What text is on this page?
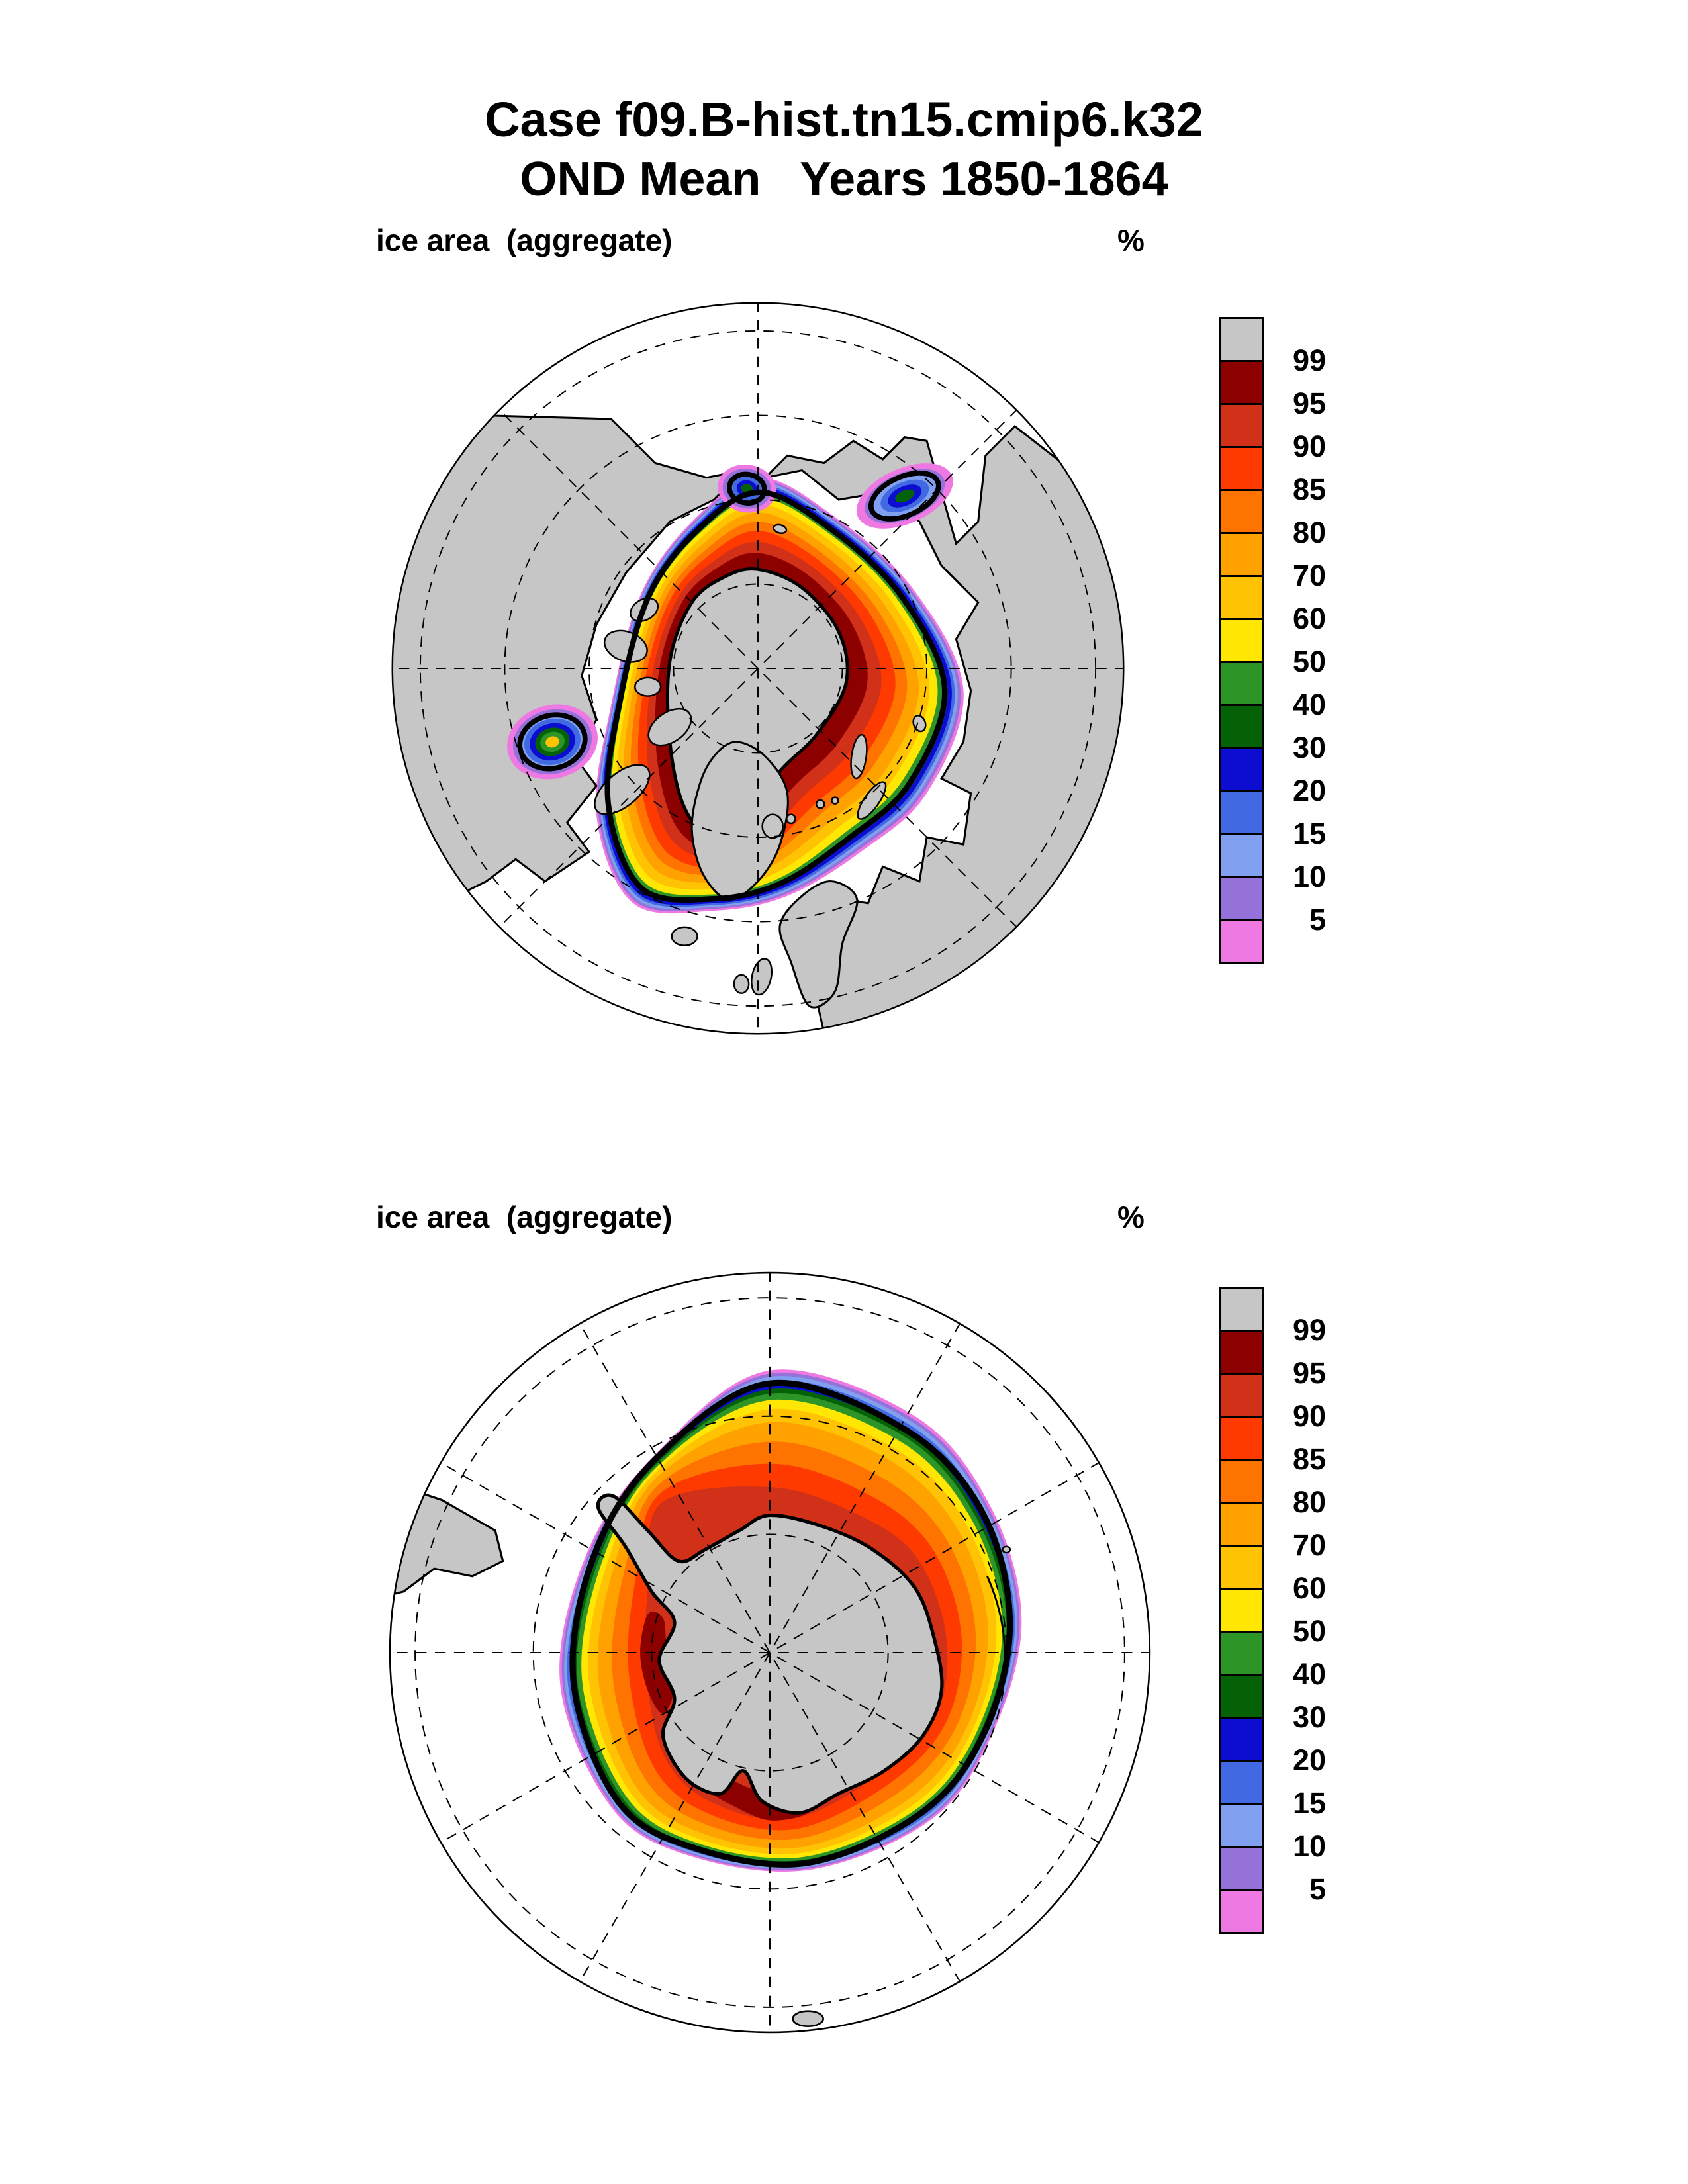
Case f09.B-hist.tn15.cmip6.k32
OND Mean   Years 1850-1864
ice area  (aggregate)	%
99
95
90
85
80
70
60
50
40
30
20
15
10
5
ice area  (aggregate)	%
99
95
90
85
80
70
60
50
40
30
20
15
10
5
